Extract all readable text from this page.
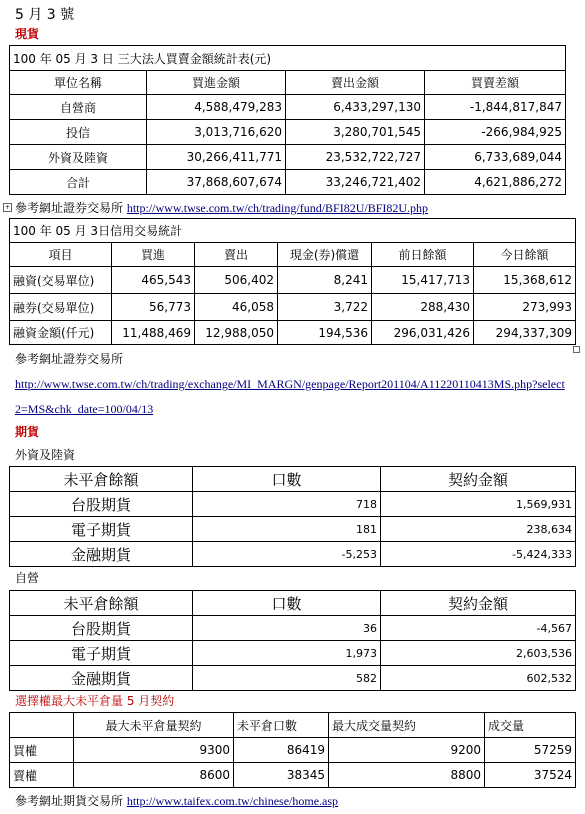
5 月 3 號
現貨
100 年 05 月 3 日 三大法人買賣金額統計表(元)			
單位名稱	買進金額	賣出金額	買賣差額
自營商	4,588,479,283	6,433,297,130	-1,844,817,847
投信	3,013,716,620	3,280,701,545	-266,984,925
外資及陸資	30,266,411,771	23,532,722,727	6,733,689,044
合計	37,868,607,674	33,246,721,402	4,621,886,272
+ 參考網址證券交易所 http://www.twse.com.tw/ch/trading/fund/BFI82U/BFI82U.php
100 年 05 月 3日信用交易統計					
項目	買進	賣出	現金(券)償還	前日餘額	今日餘額
融資(交易單位)	465,543	506,402	8,241	15,417,713	15,368,612
融券(交易單位)	56,773	46,058	3,722	288,430	273,993
融資金額(仟元)	11,488,469	12,988,050	194,536	296,031,426	294,337,309
參考網址證券交易所
http://www.twse.com.tw/ch/trading/exchange/MI_MARGN/genpage/Report201104/A11220110413MS.php?select
2=MS&chk_date=100/04/13
期貨
外資及陸資
未平倉餘額	口數	契約金額
台股期貨	718	1,569,931
電子期貨	181	238,634
金融期貨	-5,253	-5,424,333
自營
未平倉餘額	口數	契約金額
台股期貨	36	-4,567
電子期貨	1,973	2,603,536
金融期貨	582	602,532
選擇權最大未平倉量 5 月契約
	最大未平倉量契約	未平倉口數	最大成交量契約	成交量
買權	9300	86419	9200	57259
賣權	8600	38345	8800	37524
參考網址期貨交易所 http://www.taifex.com.tw/chinese/home.asp
